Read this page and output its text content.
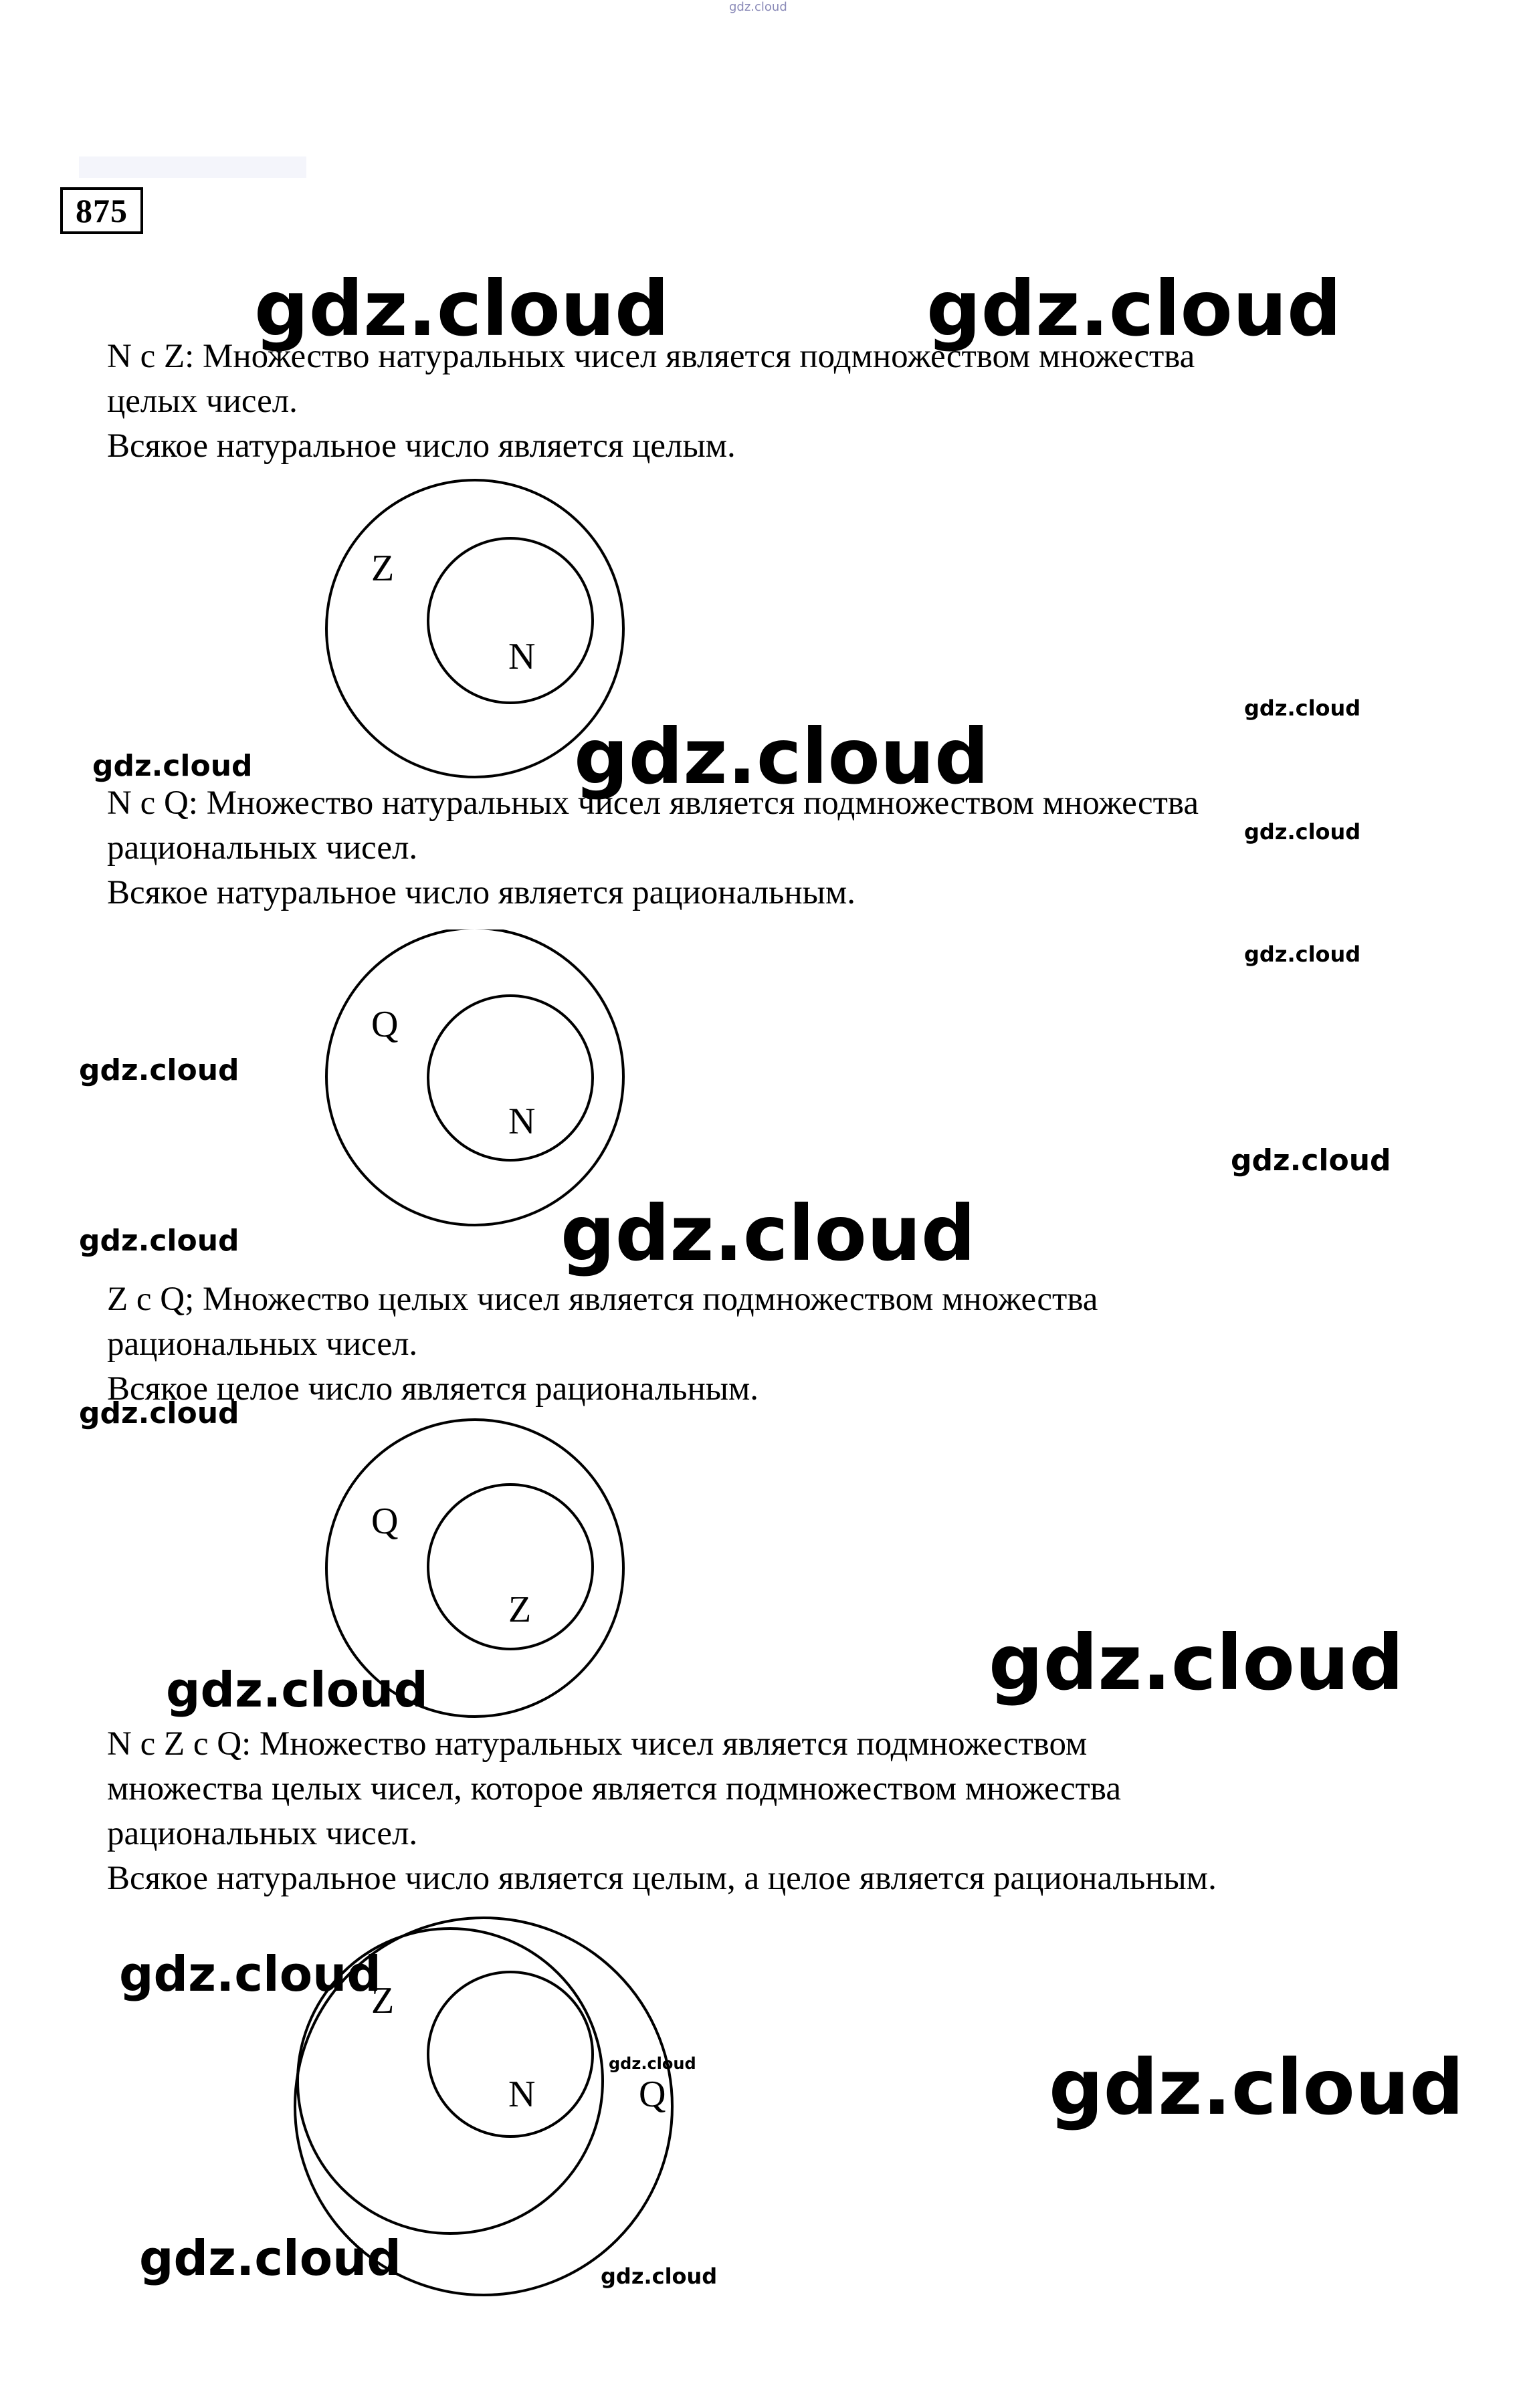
gdz.cloud
875
gdz.cloud	gdz.cloud
N c Z: Множество натуральных чисел является подмножеством множества
целых чисел.
Всякое натуральное число является целым.
Z
N
gdz.cloud
gdz.cloud	gdz.cloud
N c Q: Множество натуральных чисел является подмножеством множества
рациональных чисел.
Всякое натуральное число является рациональным.
gdz.cloud
gdz.cloud
Q
N
gdz.cloud
gdz.cloud
gdz.cloud	gdz.cloud
Z c Q; Множество целых чисел является подмножеством множества
рациональных чисел.
Всякое целое число является рациональным.
gdz.cloud
Q
Z
gdz.cloud
gdz.cloud
N c Z c Q: Множество натуральных чисел является подмножеством
множества целых чисел, которое является подмножеством множества
рациональных чисел.
Всякое натуральное число является целым, а целое является рациональным.
gdz.cloud
Z
N	Q
gdz.cloud	gdz.cloud
gdz.cloud	gdz.cloud
